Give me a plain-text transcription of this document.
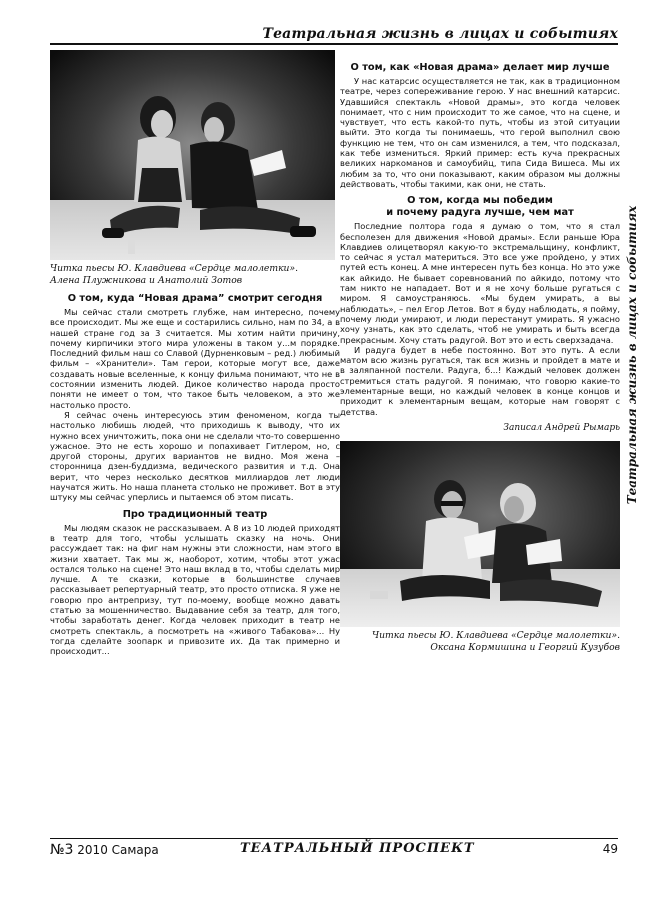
Театральная жизнь в лицах и событиях
Театральная жизнь в лицах и событиях
Читка пьесы Ю. Клавдиева «Сердце малолетки».
Алена Плужникова и Анатолий Зотов
О том, куда “Новая драма” смотрит сегодня

Мы сейчас стали смотреть глубже, нам интересно, почему все происходит. Мы же еще и состарились сильно, нам по 34, а в нашей стране год за 3 считается. Мы хотим найти причину, почему кирпичики этого мира уложены в таком у...м порядке. Последний фильм наш со Славой (Дурненковым – ред.) любимый фильм – «Хранители». Там герои, которые могут все, даже создавать новые вселенные, к концу фильма понимают, что не в состоянии изменить людей. Дикое количество народа просто поняти не имеет о том, что такое быть человеком, а это же настолько просто.

Я сейчас очень интересуюсь этим феноменом, когда ты настолько любишь людей, что приходишь к выводу, что их нужно всех уничтожить, пока они не сделали что-то совершенно ужасное. Это не есть хорошо и попахивает Гитлером, но, с другой стороны, других вариантов не видно. Моя жена – сторонница дзен-буддизма, ведического развития и т.д. Она верит, что через несколько десятков миллиардов лет люди научатся жить. Но наша планета столько не проживет. Вот в эту штуку мы сейчас уперлись и пытаемся об этом писать.

Про традиционный театр

Мы людям сказок не рассказываем. А 8 из 10 людей приходят в театр для того, чтобы услышать сказку на ночь. Они рассуждает так: на фиг нам нужны эти сложности, нам этого в жизни хватает. Так мы ж, наоборот, хотим, чтобы этот ужас остался только на сцене! Это наш вклад в то, чтобы сделать мир лучше. А те сказки, которые в большинстве случаев рассказывает репертуарный театр, это просто отписка. Я уже не говорю про антрепризу, тут по-моему, вообще можно давать статью за мошенничество. Выдавание себя за театр, для того, чтобы заработать денег. Когда человек приходит в театр не смотреть спектакль, а посмотреть на «живого Табакова»... Ну тогда сделайте зоопарк и привозите их. Да так примерно и происходит...

О том, как «Новая драма» делает мир лучше

У нас катарсис осуществляется не так, как в традиционном театре, через сопереживание герою. У нас внешний катарсис. Удавшийся спектакль «Новой драмы», это когда человек понимает, что с ним происходит то же самое, что на сцене, и чувствует, что есть какой-то путь, чтобы из этой ситуации выйти. Это когда ты понимаешь, что герой выполнил свою функцию не тем, что он сам изменился, а тем, что подсказал, как тебе измениться. Яркий пример: есть куча прекрасных великих наркоманов и самоубийц, типа Сида Вишеса. Мы их любим за то, что они показывают, каким образом мы должны действовать, чтобы такими, как они, не стать.

О том, когда мы победим
и почему радуга лучше, чем мат

Последние полтора года я думаю о том, что я стал бесполезен для движения «Новой драмы». Если раньше Юра Клавдиев олицетворял какую-то экстремальщину, конфликт, то сейчас я устал материться. Это все уже пройдено, у этих путей есть конец. А мне интересен путь без конца. Но это уже как айкидо. Не бывает соревнований по айкидо, потому что там никто не нападает. Вот и я не хочу больше ругаться с миром. Я самоустраняюсь. «Мы будем умирать, а вы наблюдать», – пел Егор Летов. Вот я буду наблюдать, я пойму, почему люди умирают, и люди перестанут умирать. Я ужасно хочу узнать, как это сделать, чтоб не умирать и быть всегда прекрасным. Хочу стать радугой. Вот это и есть сверхзадача.

И радуга будет в небе постоянно. Вот это путь. А если матом всю жизнь ругаться, так вся жизнь и пройдет в мате и в заляпанной постели. Радуга, б...! Каждый человек должен стремиться стать радугой. Я понимаю, что говорю какие-то элементарные вещи, но каждый человек в конце концов и приходит к элементарным вещам, которые нам говорят с детства.

Записал Андрей Рымарь
Читка пьесы Ю. Клавдиева «Сердце малолетки».
Оксана Кормишина и Георгий Кузубов
№3 2010 Самара	ТЕАТРАЛЬНЫЙ ПРОСПЕКТ	49
